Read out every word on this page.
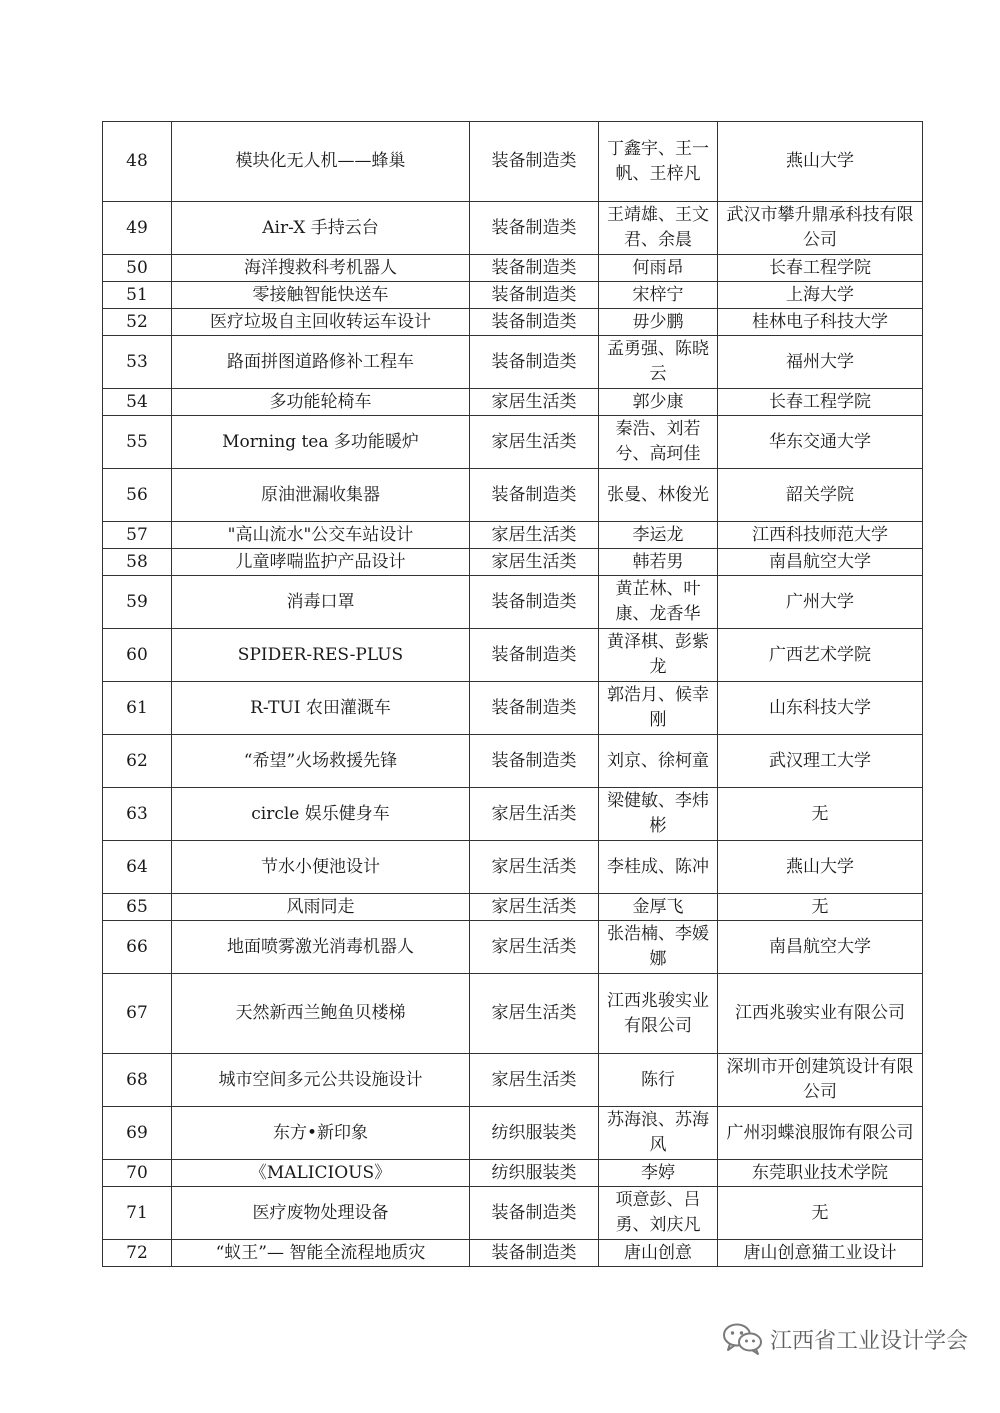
48	模块化无人机——蜂巢	装备制造类	丁鑫宇、王一帆、王梓凡	燕山大学
49	Air-X 手持云台	装备制造类	王靖雄、王文君、余晨	武汉市攀升鼎承科技有限公司
50	海洋搜救科考机器人	装备制造类	何雨昂	长春工程学院
51	零接触智能快送车	装备制造类	宋梓宁	上海大学
52	医疗垃圾自主回收转运车设计	装备制造类	毋少鹏	桂林电子科技大学
53	路面拼图道路修补工程车	装备制造类	孟勇强、陈晓云	福州大学
54	多功能轮椅车	家居生活类	郭少康	长春工程学院
55	Morning tea 多功能暖炉	家居生活类	秦浩、刘若兮、高珂佳	华东交通大学
56	原油泄漏收集器	装备制造类	张曼、林俊光	韶关学院
57	"高山流水"公交车站设计	家居生活类	李运龙	江西科技师范大学
58	儿童哮喘监护产品设计	家居生活类	韩若男	南昌航空大学
59	消毒口罩	装备制造类	黄芷林、叶康、龙香华	广州大学
60	SPIDER-RES-PLUS	装备制造类	黄泽棋、彭紫龙	广西艺术学院
61	R-TUI 农田灌溉车	装备制造类	郭浩月、候幸刚	山东科技大学
62	“希望”火场救援先锋	装备制造类	刘京、徐柯童	武汉理工大学
63	circle 娱乐健身车	家居生活类	梁健敏、李炜彬	无
64	节水小便池设计	家居生活类	李桂成、陈冲	燕山大学
65	风雨同走	家居生活类	金厚飞	无
66	地面喷雾激光消毒机器人	家居生活类	张浩楠、李媛娜	南昌航空大学
67	天然新西兰鲍鱼贝楼梯	家居生活类	江西兆骏实业有限公司	江西兆骏实业有限公司
68	城市空间多元公共设施设计	家居生活类	陈行	深圳市开创建筑设计有限公司
69	东方•新印象	纺织服装类	苏海浪、苏海风	广州羽蝶浪服饰有限公司
70	《MALICIOUS》	纺织服装类	李婷	东莞职业技术学院
71	医疗废物处理设备	装备制造类	项意彭、吕勇、刘庆凡	无
72	“蚁王”— 智能全流程地质灾	装备制造类	唐山创意	唐山创意猫工业设计
江西省工业设计学会
